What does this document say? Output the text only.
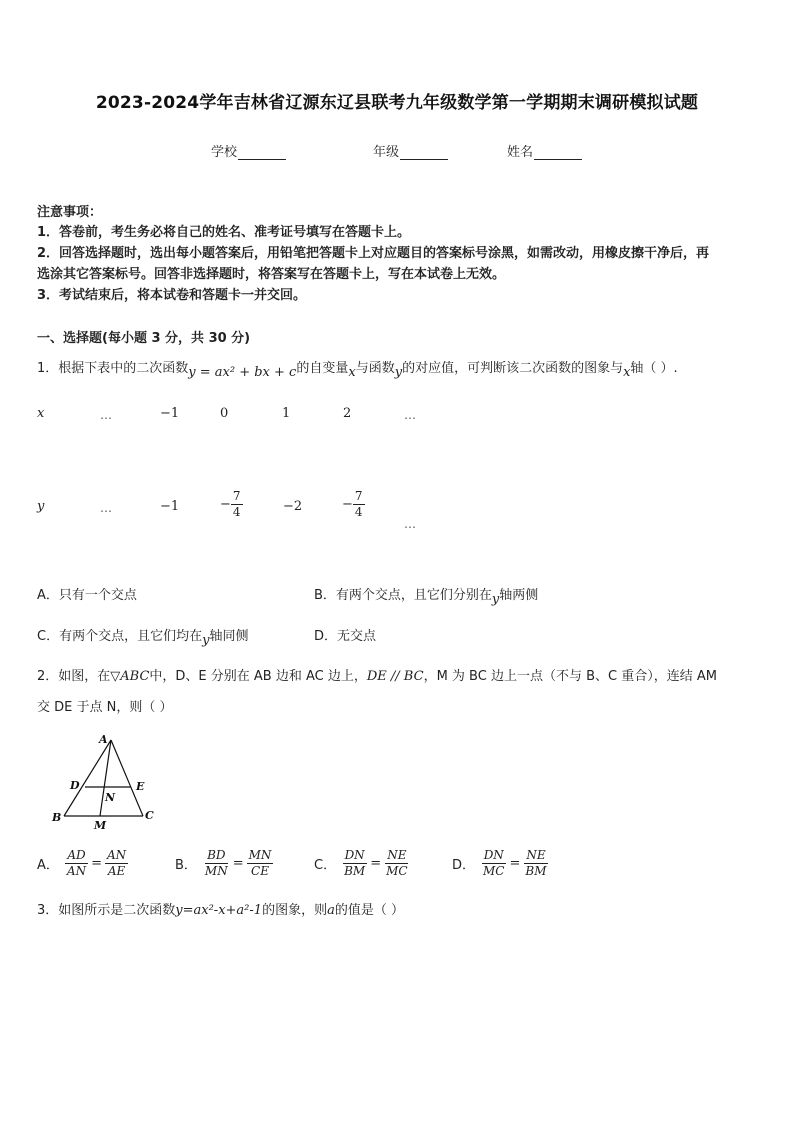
2023-2024学年吉林省辽源东辽县联考九年级数学第一学期期末调研模拟试题
学校	年级	姓名
注意事项：
1．答卷前，考生务必将自己的姓名、准考证号填写在答题卡上。
2．回答选择题时，选出每小题答案后，用铅笔把答题卡上对应题目的答案标号涂黑，如需改动，用橡皮擦干净后，再
选涂其它答案标号。回答非选择题时，将答案写在答题卡上，写在本试卷上无效。
3．考试结束后，将本试卷和答题卡一并交回。
一、选择题(每小题 3 分，共 30 分)
1．根据下表中的二次函数y = ax² + bx + c的自变量x与函数y的对应值，可判断该二次函数的图象与x轴（ ）.
x	…	−1	0	1	2	…
y	…	−1	− $\frac{7}{4}$	−2	− $\frac{7}{4}$
…
A．只有一个交点	B．有两个交点，且它们分别在y轴两侧
C．有两个交点，且它们均在y轴同侧	D．无交点
2．如图，在▽ABC中，D、E 分别在 AB 边和 AC 边上，DE // BC，M 为 BC 边上一点（不与 B、C 重合），连结 AM
交 DE 于点 N，则（ ）
A
B	C
D	E
N
M
A． $\frac{AD}{AN} = \frac{AN}{AE}$	B． $\frac{BD}{MN} = \frac{MN}{CE}$	C． $\frac{DN}{BM} = \frac{NE}{MC}$	D． $\frac{DN}{MC} = \frac{NE}{BM}$
3．如图所示是二次函数y=ax²-x+a²-1的图象，则a的值是（ ）
